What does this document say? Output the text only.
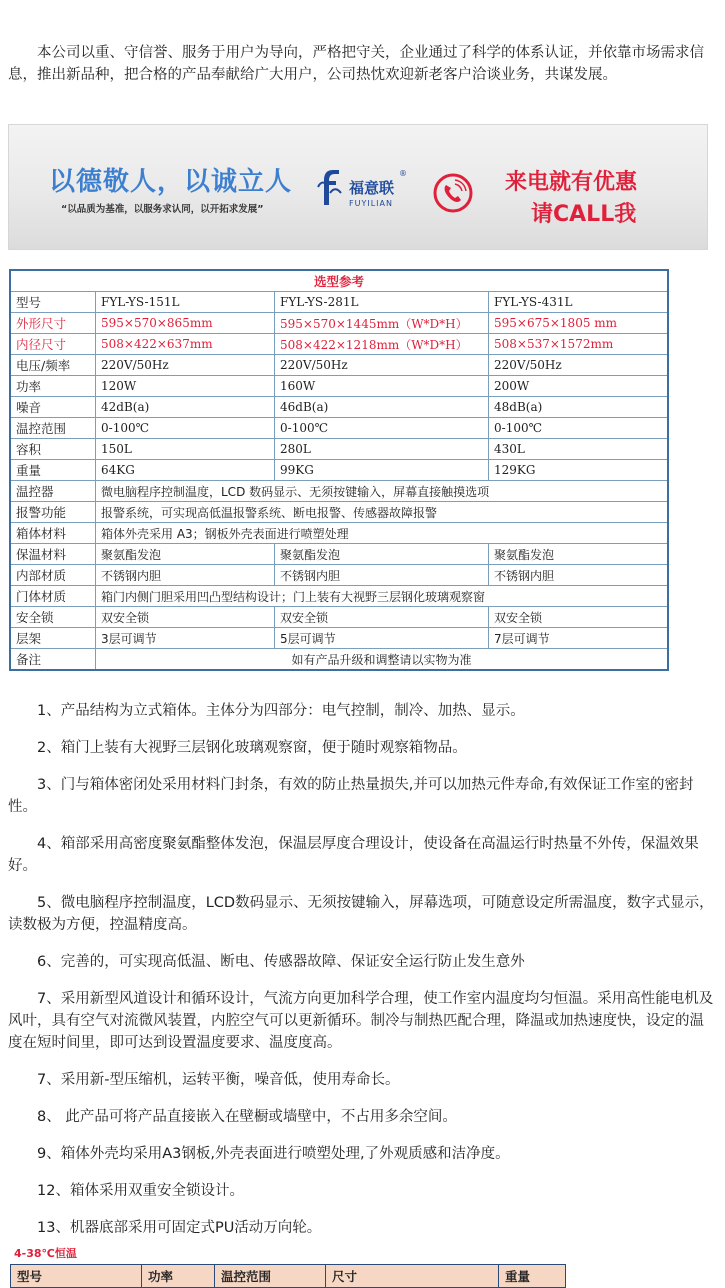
本公司以重、守信誉、服务于用户为导向，严格把守关，企业通过了科学的体系认证，并依靠市场需求信息，推出新品种，把合格的产品奉献给广大用户，公司热忱欢迎新老客户洽谈业务，共谋发展。

以德敬人，以诚立人
“以品质为基准，以服务求认同，以开拓求发展”
福意联
®
FUYILIAN
来电就有优惠
请CALL我
选型参考			
型号	FYL-YS-151L	FYL-YS-281L	FYL-YS-431L
外形尺寸	595×570×865mm	595×570×1445mm（W*D*H）	595×675×1805 mm
内径尺寸	508×422×637mm	508×422×1218mm（W*D*H）	508×537×1572mm
电压/频率	220V/50Hz	220V/50Hz	220V/50Hz
功率	120W	160W	200W
噪音	42dB(a)	46dB(a)	48dB(a)
温控范围	0-100℃	0-100℃	0-100℃
容积	150L	280L	430L
重量	64KG	99KG	129KG
温控器	微电脑程序控制温度，LCD 数码显示、无须按键输入，屏幕直接触摸选项		
报警功能	报警系统，可实现高低温报警系统、断电报警、传感器故障报警		
箱体材料	箱体外壳采用 A3；钢板外壳表面进行喷塑处理		
保温材料	聚氨酯发泡	聚氨酯发泡	聚氨酯发泡
内部材质	不锈钢内胆	不锈钢内胆	不锈钢内胆
门体材质	箱门内侧门胆采用凹凸型结构设计；门上装有大视野三层钢化玻璃观察窗		
安全锁	双安全锁	双安全锁	双安全锁
层架	3层可调节	5层可调节	7层可调节
备注	如有产品升级和调整请以实物为准		
1、产品结构为立式箱体。主体分为四部分：电气控制，制冷、加热、显示。
2、箱门上装有大视野三层钢化玻璃观察窗，便于随时观察箱物品。
3、门与箱体密闭处采用材料门封条，有效的防止热量损失,并可以加热元件寿命,有效保证工作室的密封性。
4、箱部采用高密度聚氨酯整体发泡，保温层厚度合理设计，使设备在高温运行时热量不外传，保温效果好。
5、微电脑程序控制温度，LCD数码显示、无须按键输入，屏幕选项，可随意设定所需温度，数字式显示，读数极为方便，控温精度高。
6、完善的，可实现高低温、断电、传感器故障、保证安全运行防止发生意外
7、采用新型风道设计和循环设计，气流方向更加科学合理，使工作室内温度均匀恒温。采用高性能电机及风叶，具有空气对流微风装置，内腔空气可以更新循环。制冷与制热匹配合理，降温或加热速度快，设定的温度在短时间里，即可达到设置温度要求、温度度高。
7、采用新-型压缩机，运转平衡，噪音低，使用寿命长。
8、 此产品可将产品直接嵌入在壁橱或墙壁中，不占用多余空间。
9、箱体外壳均采用A3钢板,外壳表面进行喷塑处理,了外观质感和洁净度。
12、箱体采用双重安全锁设计。
13、机器底部采用可固定式PU活动万向轮。
4-38℃恒温
型号	功率	温控范围	尺寸	重量
